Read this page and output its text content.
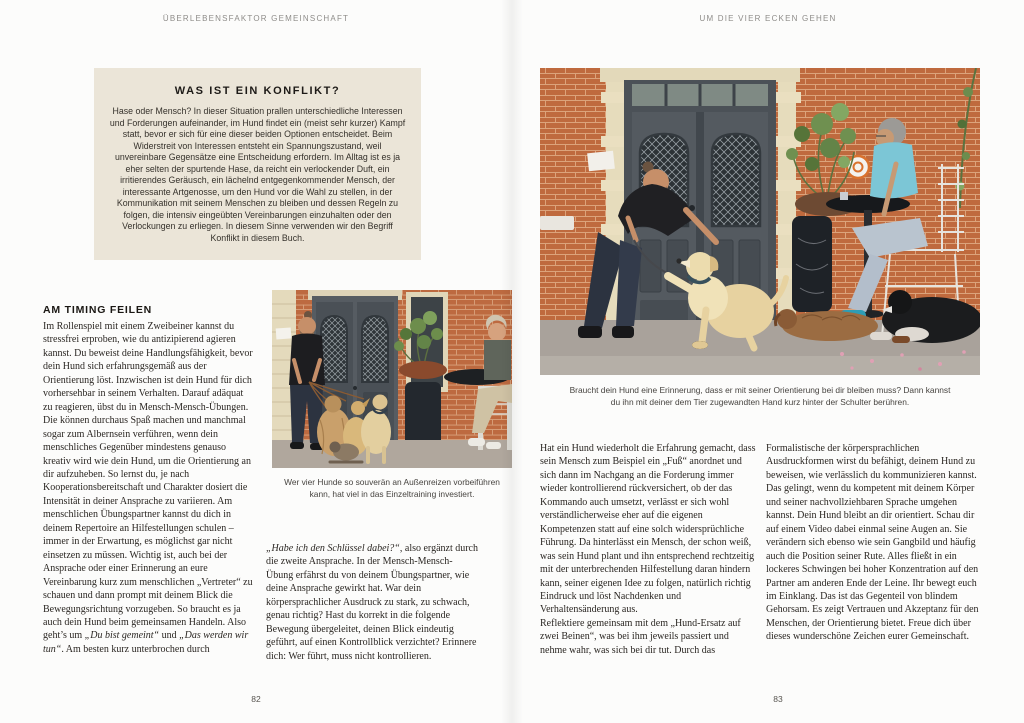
ÜBERLEBENSFAKTOR GEMEINSCHAFT	UM DIE VIER ECKEN GEHEN
WAS IST EIN KONFLIKT?

Hase oder Mensch? In dieser Situation prallen unterschiedliche Interessen und Forderungen aufeinander, im Hund findet ein (meist sehr kurzer) Kampf statt, bevor er sich für eine dieser beiden Optionen entscheidet. Beim Widerstreit von Interessen entsteht ein Spannungszustand, weil unvereinbare Gegensätze eine Entscheidung erfordern. Im Alltag ist es ja eher selten der spurtende Hase, da reicht ein verlockender Duft, ein irritierendes Geräusch, ein lächelnd entgegenkommender Mensch, der interessante Artgenosse, um den Hund vor die Wahl zu stellen, in der Kommunikation mit seinem Menschen zu bleiben und dessen Regeln zu folgen, die intensiv eingeübten Vereinbarungen einzuhalten oder den Verlockungen zu erliegen. In diesem Sinne verwenden wir den Begriff Konflikt in diesem Buch.

AM TIMING FEILEN

Im Rollenspiel mit einem Zweibeiner kannst du stressfrei erproben, wie du antizipierend agieren kannst. Du beweist deine Handlungsfähigkeit, bevor dein Hund sich erfahrungsgemäß aus der Orientierung löst. Inzwischen ist dein Hund für dich vorhersehbar in seinem Verhalten. Darauf adäquat zu reagieren, übst du in Mensch-Mensch-Übungen. Die können durchaus Spaß machen und manchmal sogar zum Albernsein verführen, wenn dein menschliches Gegenüber mindestens genauso kreativ wird wie dein Hund, um die Orientierung an dir aufzuheben. So lernst du, je nach Kooperationsbereitschaft und Charakter dosiert die Intensität in deiner Ansprache zu variieren. Am menschlichen Übungspartner kannst du dich in deinem Repertoire an Hilfestellungen schulen – immer in der Erwartung, es möglichst gar nicht einsetzen zu müssen. Wichtig ist, auch bei der Ansprache oder einer Erinnerung an eure Vereinbarung kurz zum menschlichen „Vertreter“ zu schauen und dann prompt mit deinem Blick die Bewegungsrichtung vorzugeben. So braucht es ja auch dein Hund beim gemeinsamen Handeln. Also geht’s um „Du bist gemeint“ und „Das werden wir tun“. Am besten kurz unterbrochen durch

Wer vier Hunde so souverän an Außenreizen vorbeiführen kann, hat viel in das Einzeltraining investiert.

„Habe ich den Schlüssel dabei?“, also ergänzt durch die zweite Ansprache. In der Mensch-Mensch-Übung erfährst du von deinem Übungspartner, wie deine Ansprache gewirkt hat. War dein körpersprachlicher Ausdruck zu stark, zu schwach, genau richtig? Hast du korrekt in die folgende Bewegung übergeleitet, deinen Blick eindeutig geführt, auf einen Kontrollblick verzichtet? Erinnere dich: Wer führt, muss nicht kontrollieren.

Braucht dein Hund eine Erinnerung, dass er mit seiner Orientierung bei dir bleiben muss? Dann kannst du ihn mit deiner dem Tier zugewandten Hand kurz hinter der Schulter berühren.

Hat ein Hund wiederholt die Erfahrung gemacht, dass sein Mensch zum Beispiel ein „Fuß“ anordnet und sich dann im Nachgang an die Forderung immer wieder kontrollierend rückversichert, ob der das Kommando auch umsetzt, verlässt er sich wohl verständlicherweise eher auf die eigenen Kompetenzen statt auf eine solch widersprüchliche Führung. Da hinterlässt ein Mensch, der schon weiß, was sein Hund plant und ihn entsprechend rechtzeitig mit der unterbrechenden Hilfestellung daran hindern kann, seiner eigenen Idee zu folgen, natürlich richtig Eindruck und löst Nachdenken und Verhaltensänderung aus.

Reflektiere gemeinsam mit dem „Hund-Ersatz auf zwei Beinen“, was bei ihm jeweils passiert und nehme wahr, was sich bei dir tut. Durch das

Formalistische der körpersprachlichen Ausdruckformen wirst du befähigt, deinem Hund zu beweisen, wie verlässlich du kommunizieren kannst. Das gelingt, wenn du kompetent mit deinem Körper und seiner nachvollziehbaren Sprache umgehen kannst. Dein Hund bleibt an dir orientiert. Schau dir auf einem Video dabei einmal seine Augen an. Sie verändern sich ebenso wie sein Gangbild und häufig auch die Position seiner Rute. Alles fließt in ein lockeres Schwingen bei hoher Konzentration auf den Partner am anderen Ende der Leine. Ihr bewegt euch im Einklang. Das ist das Gegenteil von blindem Gehorsam. Es zeigt Vertrauen und Akzeptanz für den Menschen, der Orientierung bietet. Freue dich über dieses wunderschöne Zeichen eurer Gemeinschaft.

82	83
